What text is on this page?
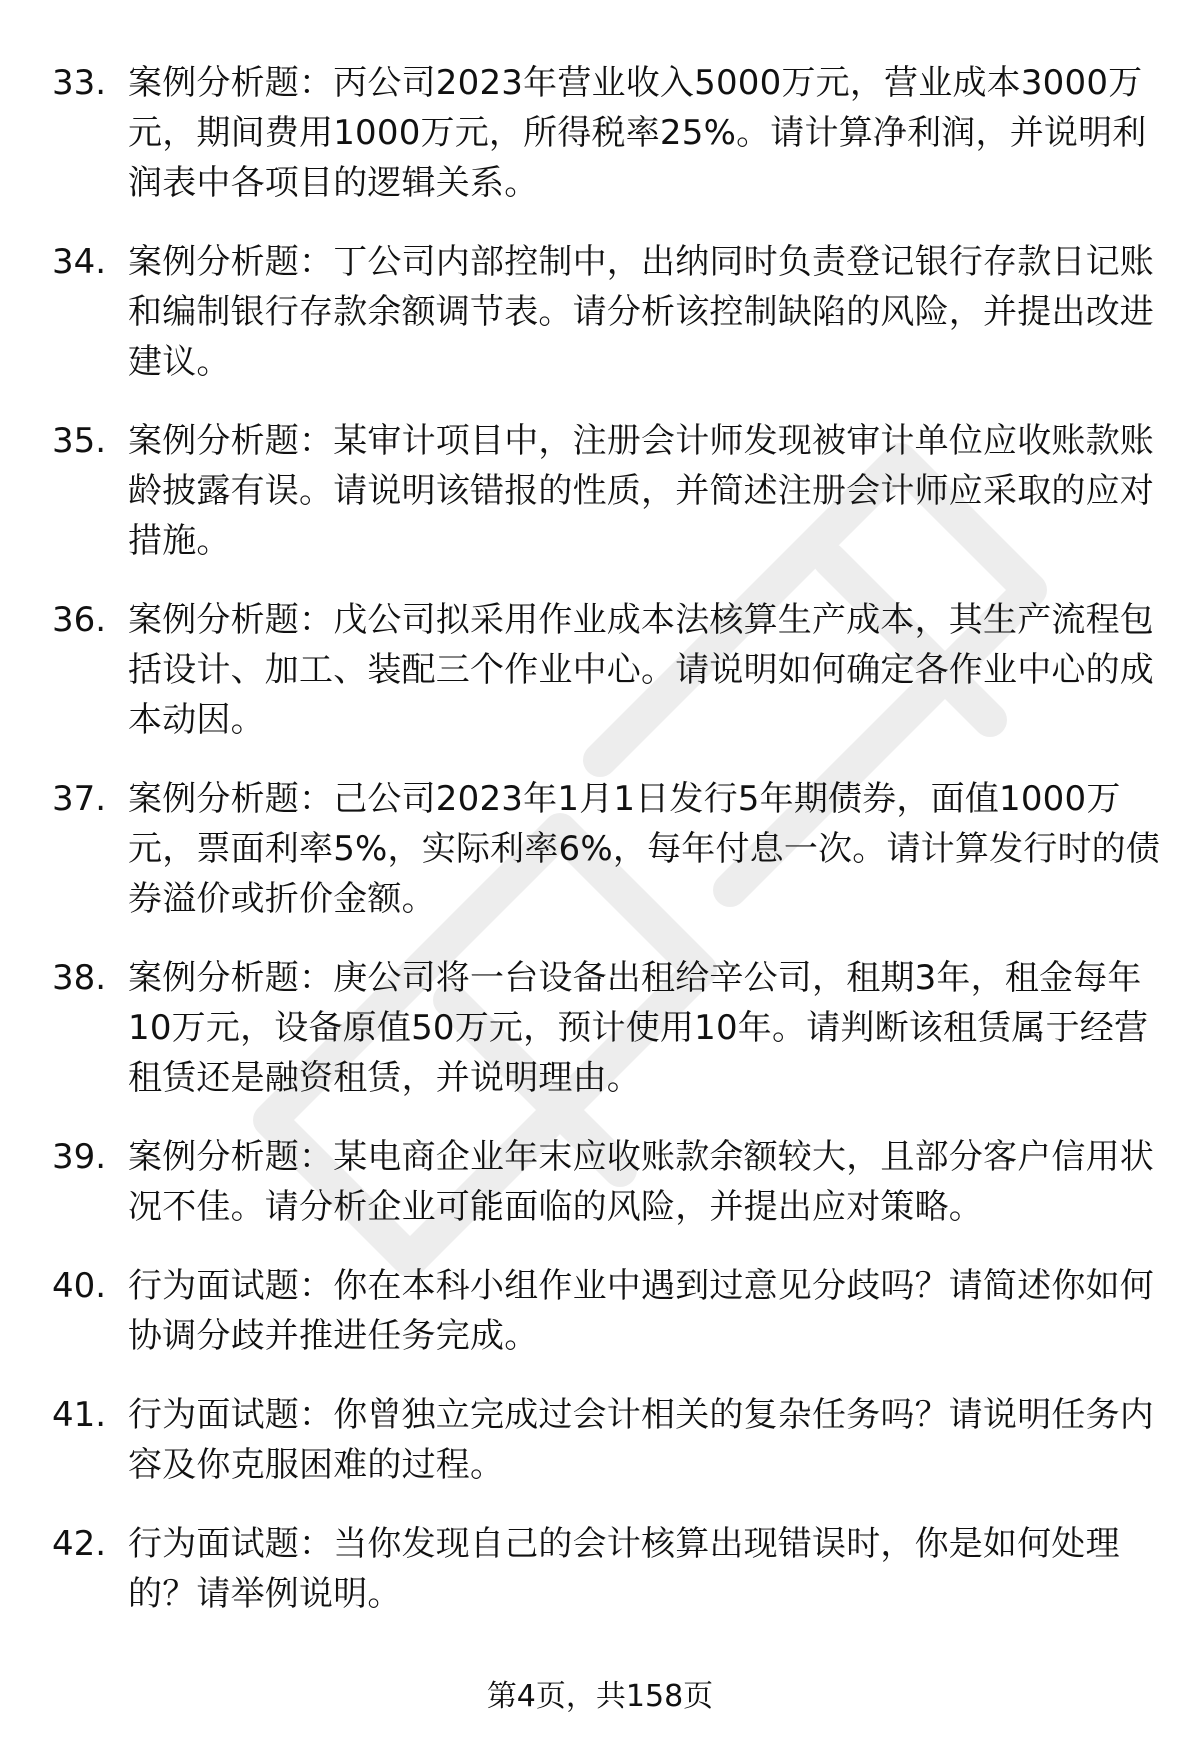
33. 案例分析题：丙公司2023年营业收入5000万元，营业成本3000万元，期间费用1000万元，所得税率25%。请计算净利润，并说明利润表中各项目的逻辑关系。
34. 案例分析题：丁公司内部控制中，出纳同时负责登记银行存款日记账和编制银行存款余额调节表。请分析该控制缺陷的风险，并提出改进建议。
35. 案例分析题：某审计项目中，注册会计师发现被审计单位应收账款账龄披露有误。请说明该错报的性质，并简述注册会计师应采取的应对措施。
36. 案例分析题：戊公司拟采用作业成本法核算生产成本，其生产流程包括设计、加工、装配三个作业中心。请说明如何确定各作业中心的成本动因。
37. 案例分析题：己公司2023年1月1日发行5年期债券，面值1000万元，票面利率5%，实际利率6%，每年付息一次。请计算发行时的债券溢价或折价金额。
38. 案例分析题：庚公司将一台设备出租给辛公司，租期3年，租金每年10万元，设备原值50万元，预计使用10年。请判断该租赁属于经营租赁还是融资租赁，并说明理由。
39. 案例分析题：某电商企业年末应收账款余额较大，且部分客户信用状况不佳。请分析企业可能面临的风险，并提出应对策略。
40. 行为面试题：你在本科小组作业中遇到过意见分歧吗？请简述你如何协调分歧并推进任务完成。
41. 行为面试题：你曾独立完成过会计相关的复杂任务吗？请说明任务内容及你克服困难的过程。
42. 行为面试题：当你发现自己的会计核算出现错误时，你是如何处理的？请举例说明。
第4页，共158页
